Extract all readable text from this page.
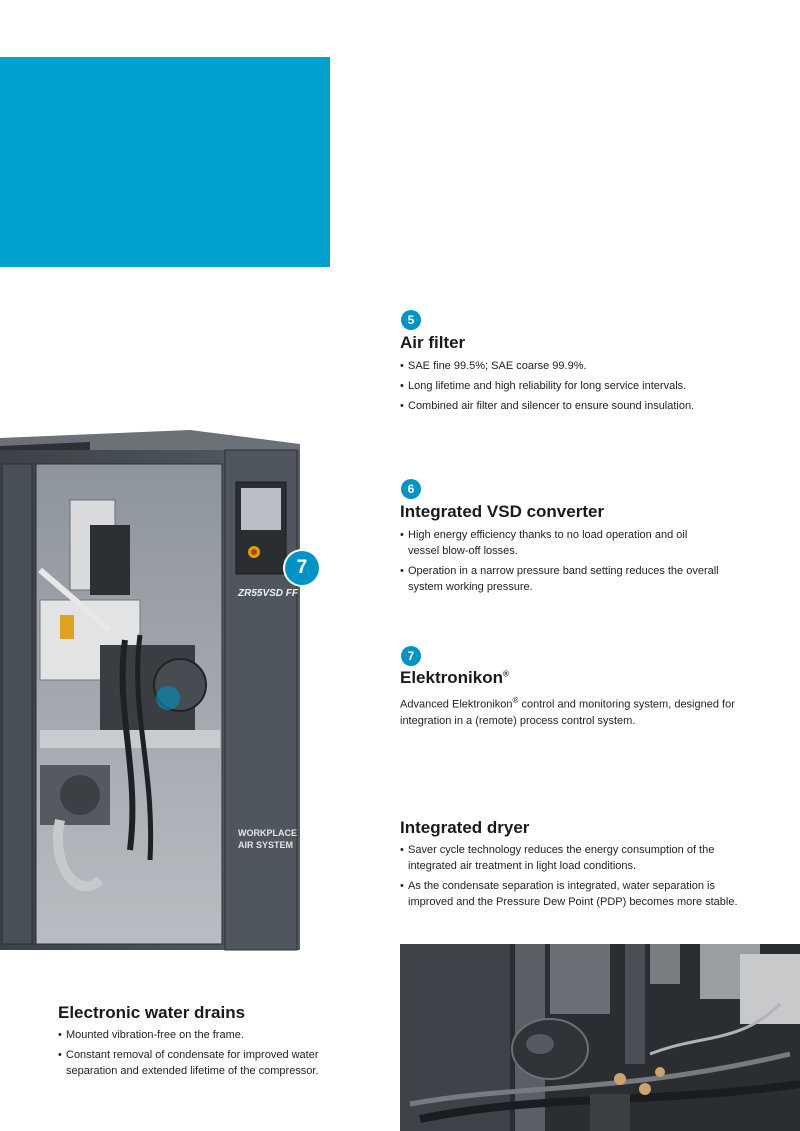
5
Air filter
• SAE fine 99.5%; SAE coarse 99.9%.
• Long lifetime and high reliability for long service intervals.
• Combined air filter and silencer to ensure sound insulation.
6
Integrated VSD converter
• High energy efficiency thanks to no load operation and oil vessel blow-off losses.
• Operation in a narrow pressure band setting reduces the overall system working pressure.
7
Elektronikon®

Advanced Elektronikon® control and monitoring system, designed for integration in a (remote) process control system.

Integrated dryer
• Saver cycle technology reduces the energy consumption of the integrated air treatment in light load conditions.
• As the condensate separation is integrated, water separation is improved and the Pressure Dew Point (PDP) becomes more stable.
Electronic water drains
• Mounted vibration-free on the frame.
• Constant removal of condensate for improved water separation and extended lifetime of the compressor.
ZR55VSD FF
WORKPLACE
AIR SYSTEM
7
